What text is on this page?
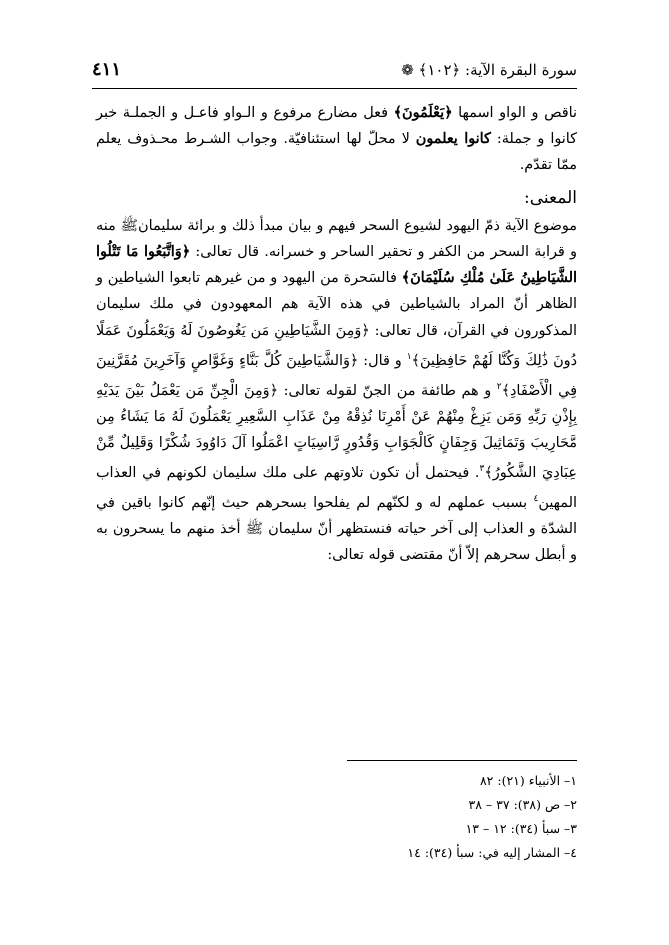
٤١١	سورة البقرة الآية: ﴿١٠٢﴾ ❁

ناقص و الواو اسمها ﴿يَعْلَمُونَ﴾ فعل مضارع مرفوع و الـواو فاعـل و الجملـة خبر كانوا و جملة: كانوا يعلمون لا محلّ لها استئنافيّة. وجواب الشـرط محـذوف يعلم ممّا تقدّم.

المعنى:

موضوع الآية ذمّ اليهود لشيوع السحر فيهم و بيان مبدأ ذلك و برائة سليمانﷺ منه و قرابة السحر من الكفر و تحقير الساحر و خسرانه. قال تعالى: ﴿وَاتَّبَعُوا مَا تَتْلُوا الشَّيَاطِينُ عَلَىٰ مُلْكِ سُلَيْمَانَ﴾ فالسَحرة من اليهود و من غيرهم تابعوا الشياطين و الظاهر أنّ المراد بالشياطين في هذه الآية هم المعهودون في ملك سليمان المذكورون في القرآن، قال تعالى: ﴿وَمِنَ الشَّيَاطِينِ مَن يَغُوصُونَ لَهُ وَيَعْمَلُونَ عَمَلًا دُونَ ذَٰلِكَ وَكُنَّا لَهُمْ حَافِظِينَ﴾$^١$ و قال: ﴿وَالشَّيَاطِينَ كُلَّ بَنَّاءٍ وَغَوَّاصٍ وَآخَرِينَ مُقَرَّنِينَ فِي الْأَصْفَادِ﴾$^٢$ و هم طائفة من الجنّ لقوله تعالى: ﴿وَمِنَ الْجِنِّ مَن يَعْمَلُ بَيْنَ يَدَيْهِ بِإِذْنِ رَبِّهِ وَمَن يَزِغْ مِنْهُمْ عَنْ أَمْرِنَا نُذِقْهُ مِنْ عَذَابِ السَّعِيرِ يَعْمَلُونَ لَهُ مَا يَشَاءُ مِن مَّحَارِيبَ وَتَمَاثِيلَ وَجِفَانٍ كَالْجَوَابِ وَقُدُورٍ رَّاسِيَاتٍ اعْمَلُوا آلَ دَاوُودَ شُكْرًا وَقَلِيلٌ مِّنْ عِبَادِيَ الشَّكُورُ﴾$^٣$. فيحتمل أن تكون تلاوتهم على ملك سليمان لكونهم في العذاب المهين$^٤$ بسبب عملهم له و لكنّهم لم يفلحوا بسحرهم حيث إنّهم كانوا باقين في الشدّة و العذاب إلى آخر حياته فنستظهر أنّ سليمان ﷺ أخذ منهم ما يسحرون به و أبطل سحرهم إلاّ أنّ مقتضى قوله تعالى:

١– الأنبياء (٢١): ٨٢
٢– ص (٣٨): ٣٧ – ٣٨
٣– سبأ (٣٤): ١٢ – ١٣
٤– المشار إليه في: سبأ (٣٤): ١٤
